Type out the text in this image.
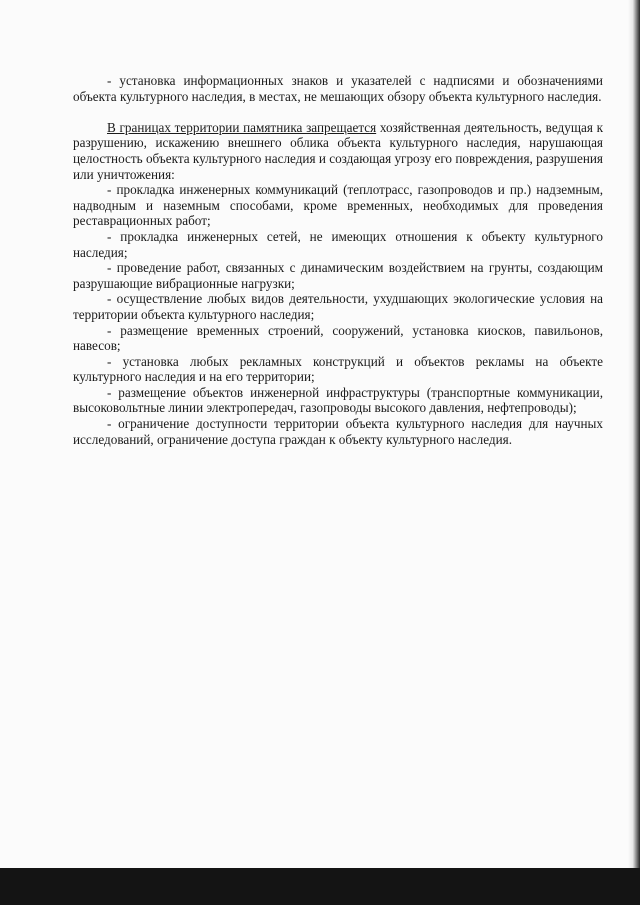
- установка информационных знаков и указателей с надписями и обозначениями объекта культурного наследия, в местах, не мешающих обзору объекта культурного наследия.

В границах территории памятника запрещается хозяйственная деятельность, ведущая к разрушению, искажению внешнего облика объекта культурного наследия, нарушающая целостность объекта культурного наследия и создающая угрозу его повреждения, разрушения или уничтожения:

- прокладка инженерных коммуникаций (теплотрасс, газопроводов и пр.) надземным, надводным и наземным способами, кроме временных, необходимых для проведения реставрационных работ;

- прокладка инженерных сетей, не имеющих отношения к объекту культурного наследия;

- проведение работ, связанных с динамическим воздействием на грунты, создающим разрушающие вибрационные нагрузки;

- осуществление любых видов деятельности, ухудшающих экологические условия на территории объекта культурного наследия;

- размещение временных строений, сооружений, установка киосков, павильонов, навесов;

- установка любых рекламных конструкций и объектов рекламы на объекте культурного наследия и на его территории;

- размещение объектов инженерной инфраструктуры (транспортные коммуникации, высоковольтные линии электропередач, газопроводы высокого давления, нефтепроводы);

- ограничение доступности территории объекта культурного наследия для научных исследований, ограничение доступа граждан к объекту культурного наследия.
